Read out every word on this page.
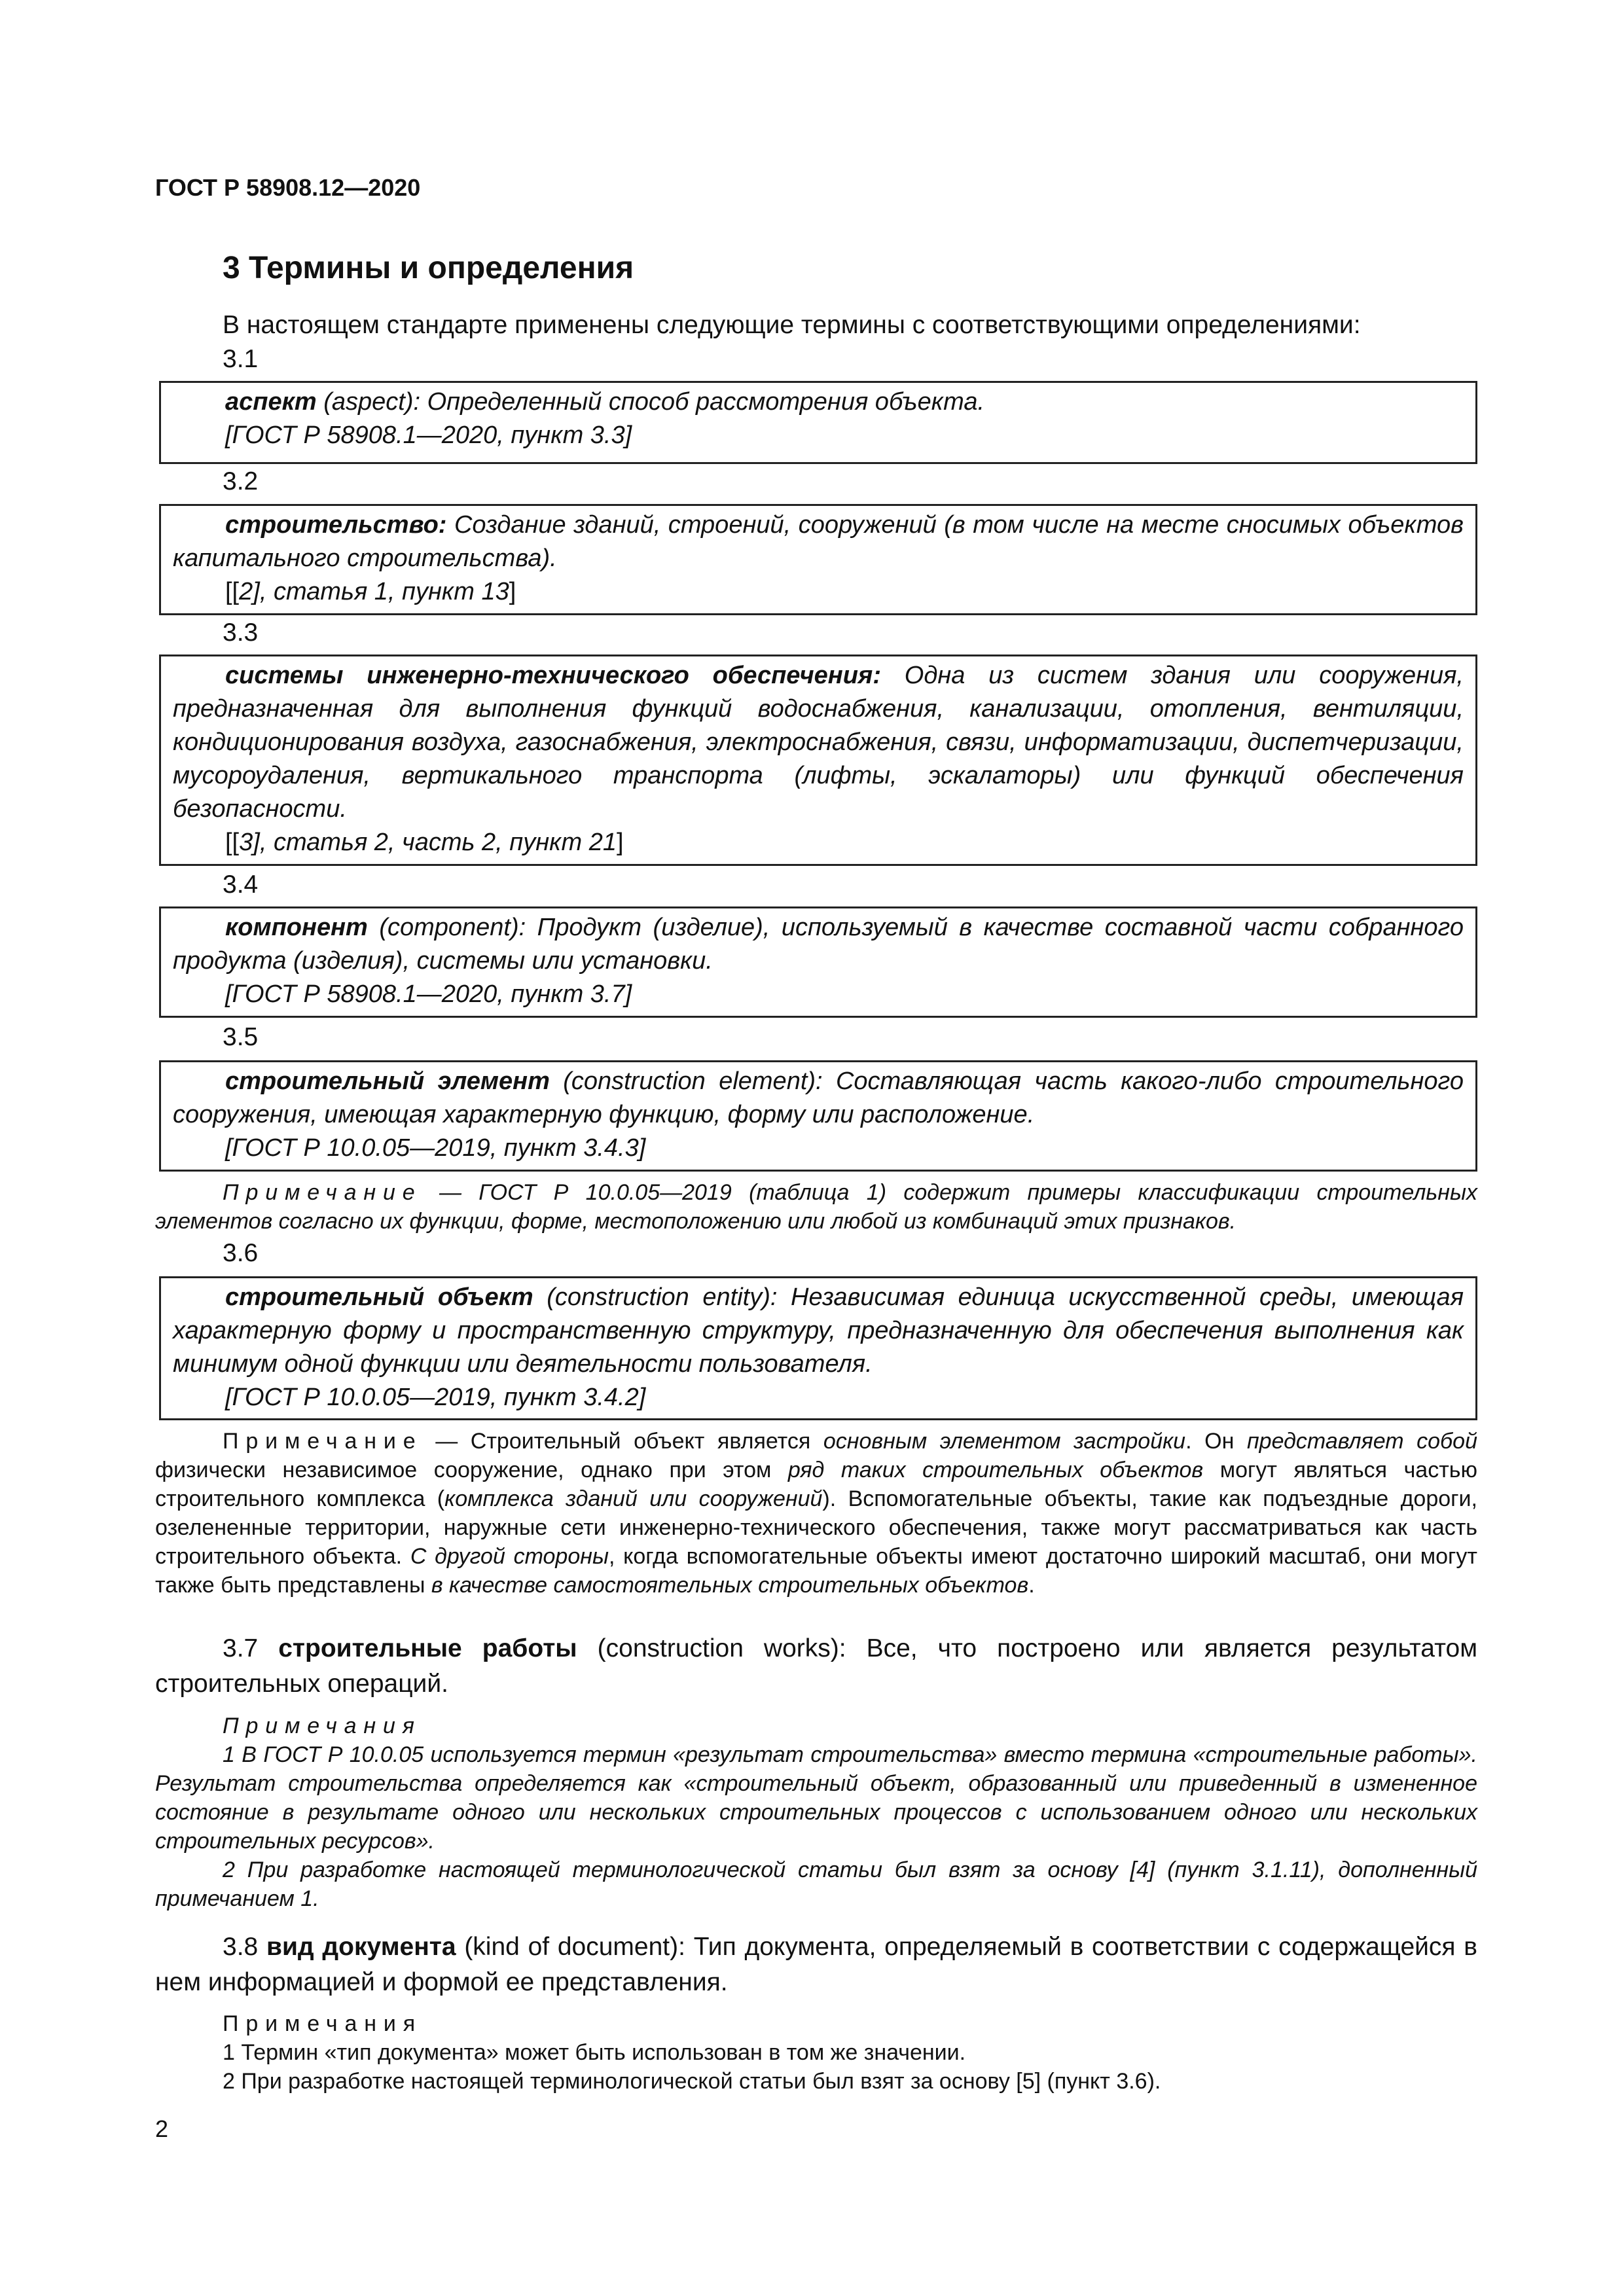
ГОСТ Р 58908.12—2020
3 Термины и определения
В настоящем стандарте применены следующие термины с соответствующими определениями:
3.1

аспект (aspect): Определенный способ рассмотрения объекта.

[ГОСТ Р 58908.1—2020, пункт 3.3]

3.2

строительство: Создание зданий, строений, сооружений (в том числе на месте сносимых объектов капитального строительства).

[[2], статья 1, пункт 13]

3.3

системы инженерно-технического обеспечения: Одна из систем здания или сооружения, предназначенная для выполнения функций водоснабжения, канализации, отопления, вентиляции, кондиционирования воздуха, газоснабжения, электроснабжения, связи, информатизации, диспетчеризации, мусороудаления, вертикального транспорта (лифты, эскалаторы) или функций обеспечения безопасности.

[[3], статья 2, часть 2, пункт 21]

3.4

компонент (component): Продукт (изделие), используемый в качестве составной части собранного продукта (изделия), системы или установки.

[ГОСТ Р 58908.1—2020, пункт 3.7]

3.5

строительный элемент (construction element): Составляющая часть какого-либо строительного сооружения, имеющая характерную функцию, форму или расположение.

[ГОСТ Р 10.0.05—2019, пункт 3.4.3]

Примечание — ГОСТ Р 10.0.05—2019 (таблица 1) содержит примеры классификации строительных элементов согласно их функции, форме, местоположению или любой из комбинаций этих признаков.

3.6

строительный объект (construction entity): Независимая единица искусственной среды, имеющая характерную форму и пространственную структуру, предназначенную для обеспечения выполнения как минимум одной функции или деятельности пользователя.

[ГОСТ Р 10.0.05—2019, пункт 3.4.2]

Примечание — Строительный объект является основным элементом застройки. Он представляет собой физически независимое сооружение, однако при этом ряд таких строительных объектов могут являться частью строительного комплекса (комплекса зданий или сооружений). Вспомогательные объекты, такие как подъездные дороги, озелененные территории, наружные сети инженерно-технического обеспечения, также могут рассматриваться как часть строительного объекта. С другой стороны, когда вспомогательные объекты имеют достаточно широкий масштаб, они могут также быть представлены в качестве самостоятельных строительных объектов.

3.7 строительные работы (construction works): Все, что построено или является результатом строительных операций.

Примечания

1 В ГОСТ Р 10.0.05 используется термин «результат строительства» вместо термина «строительные работы». Результат строительства определяется как «строительный объект, образованный или приведенный в измененное состояние в результате одного или нескольких строительных процессов с использованием одного или нескольких строительных ресурсов».

2 При разработке настоящей терминологической статьи был взят за основу [4] (пункт 3.1.11), дополненный примечанием 1.

3.8 вид документа (kind of document): Тип документа, определяемый в соответствии с содержащейся в нем информацией и формой ее представления.

Примечания

1 Термин «тип документа» может быть использован в том же значении.

2 При разработке настоящей терминологической статьи был взят за основу [5] (пункт 3.6).

2
